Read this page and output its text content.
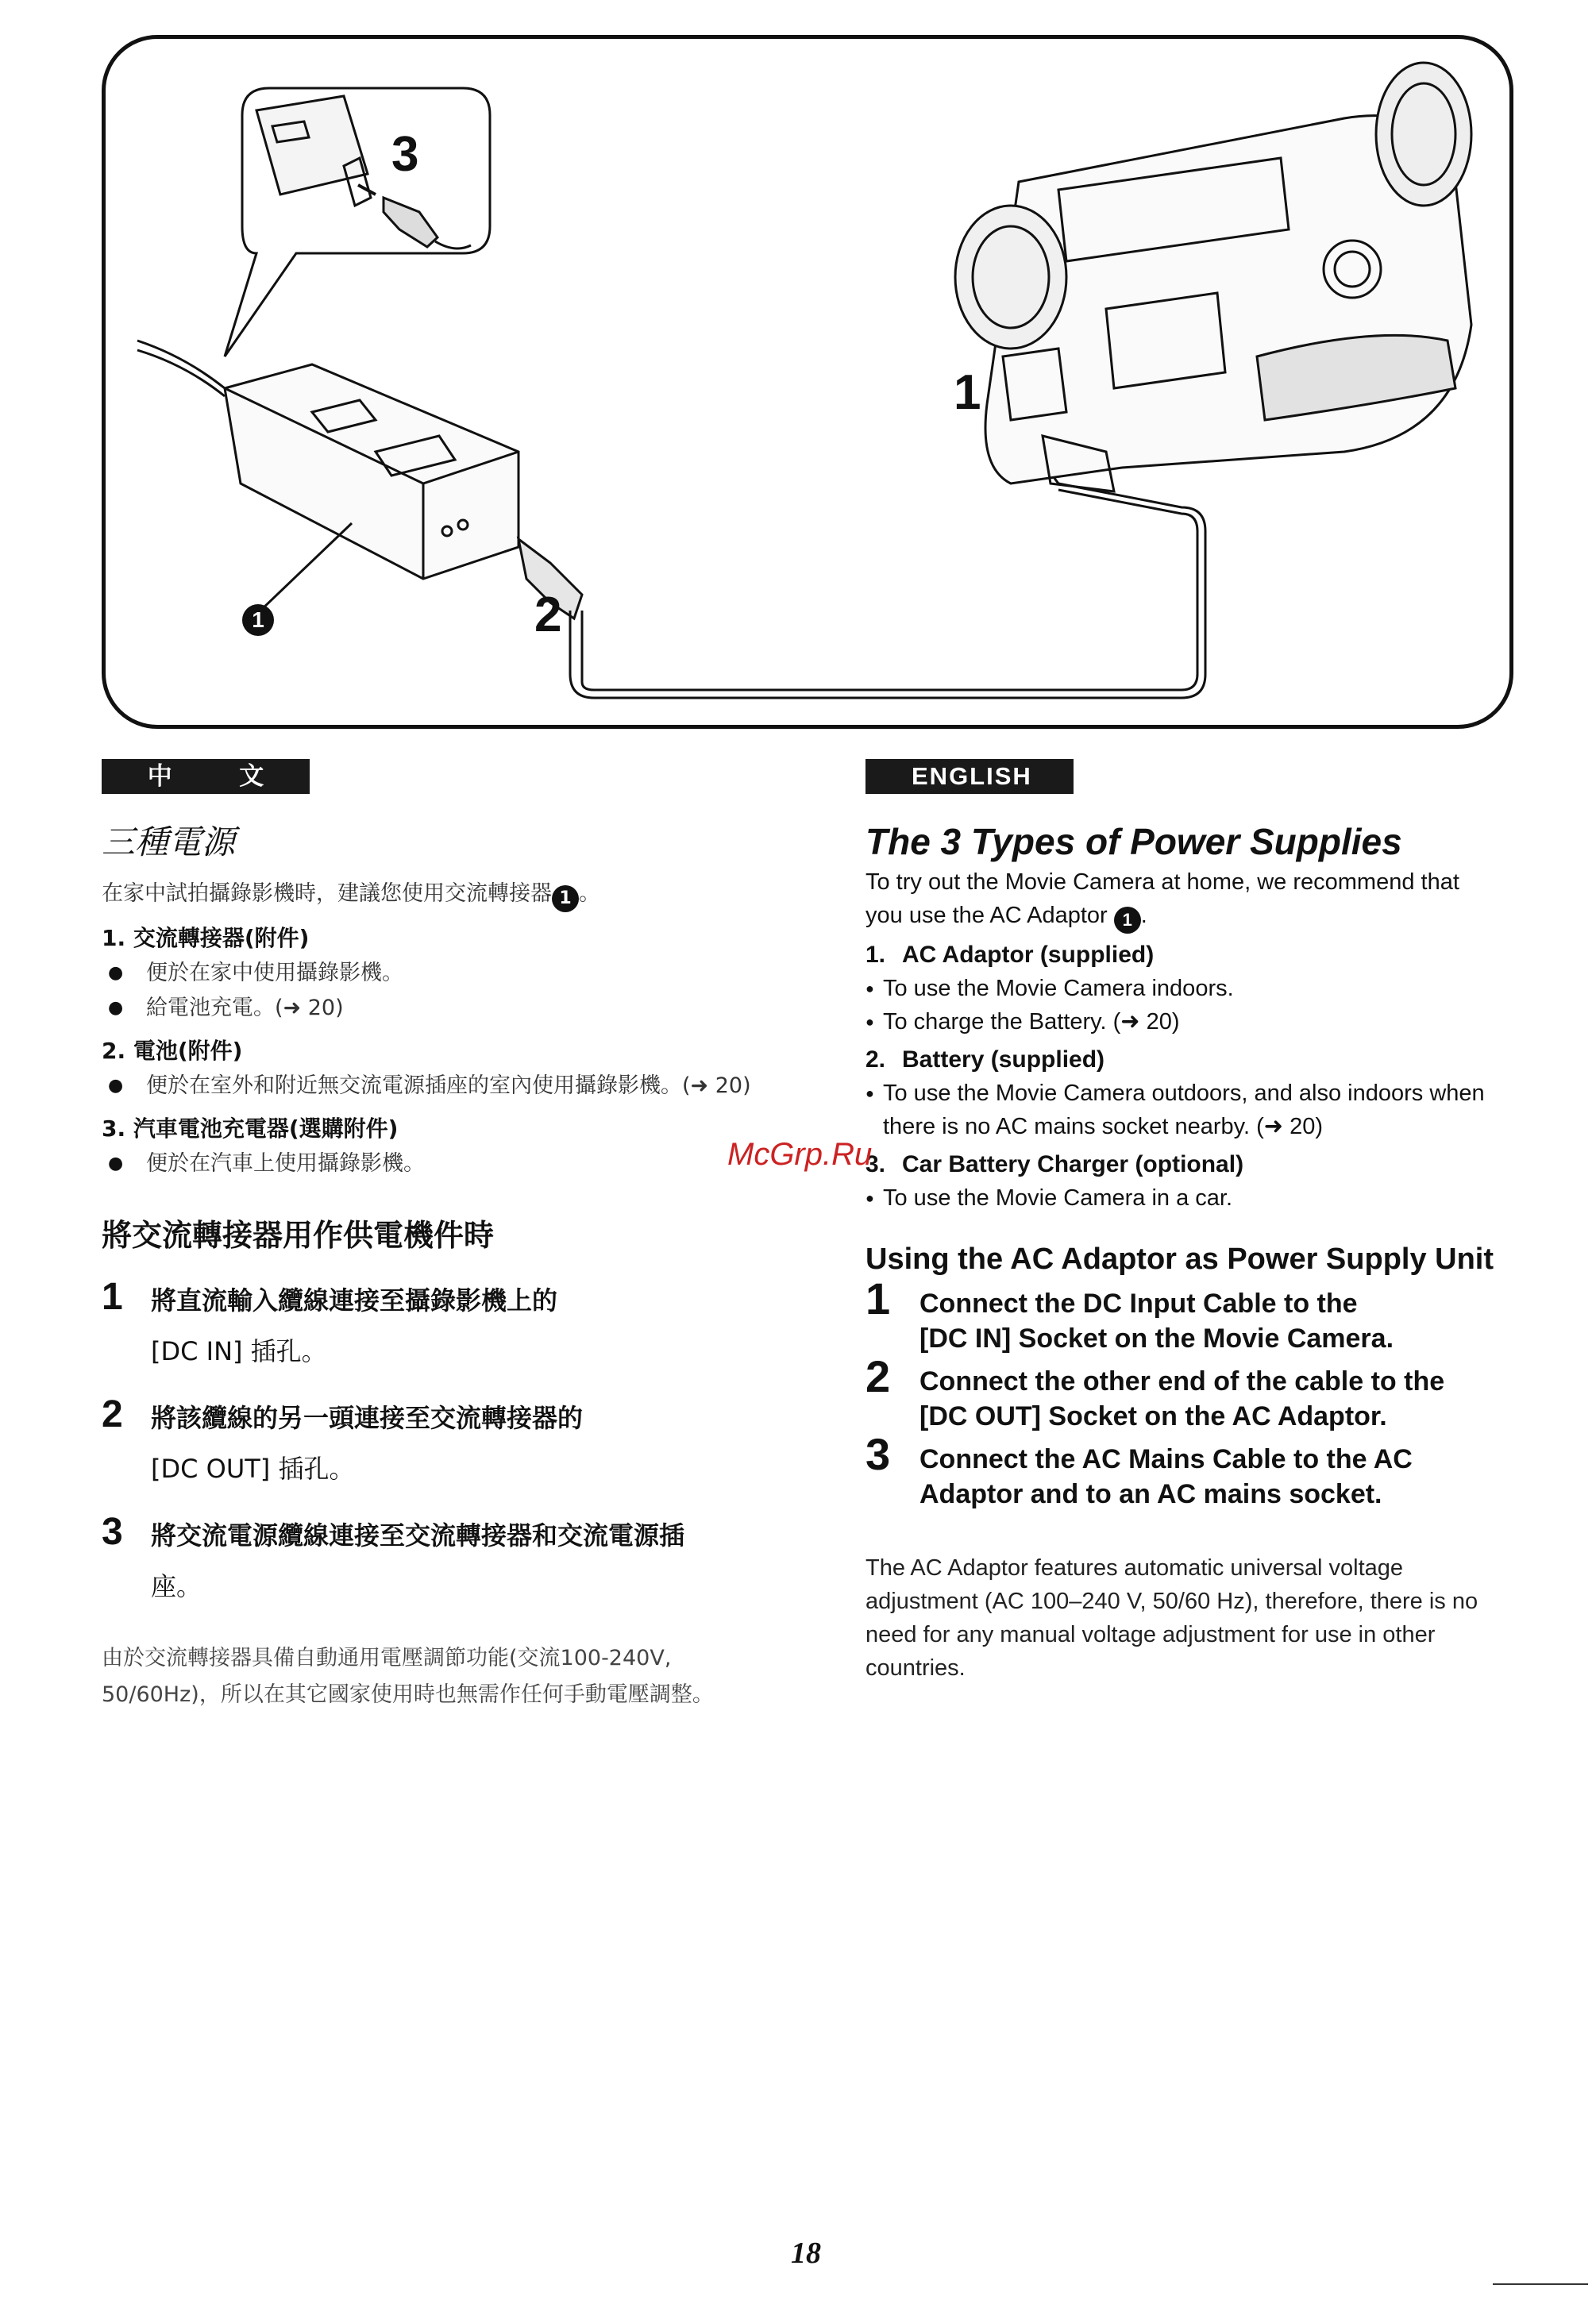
3
2
1
1
中 文	ENGLISH
三種電源

在家中試拍攝錄影機時，建議您使用交流轉接器 1 。

1. 交流轉接器(附件)
● 便於在家中使用攝錄影機。
● 給電池充電。(➜ 20)
2. 電池(附件)
● 便於在室外和附近無交流電源插座的室內使用攝錄影機。(➜ 20)
3. 汽車電池充電器(選購附件)
● 便於在汽車上使用攝錄影機。
將交流轉接器用作供電機件時
1 將直流輸入纜線連接至攝錄影機上的
[DC IN] 插孔。
2 將該纜線的另一頭連接至交流轉接器的
[DC OUT] 插孔。
3 將交流電源纜線連接至交流轉接器和交流電源插
座。
由於交流轉接器具備自動通用電壓調節功能(交流100-240V, 50/60Hz)，所以在其它國家使用時也無需作任何手動電壓調整。
The 3 Types of Power Supplies

To try out the Movie Camera at home, we recommend that you use the AC Adaptor 1 .

1. AC Adaptor (supplied)
● To use the Movie Camera indoors.
● To charge the Battery. (➜ 20)
2. Battery (supplied)
● To use the Movie Camera outdoors, and also indoors when there is no AC mains socket nearby. (➜ 20)
3. Car Battery Charger (optional)
● To use the Movie Camera in a car.
Using the AC Adaptor as Power Supply Unit
1 Connect the DC Input Cable to the
[DC IN] Socket on the Movie Camera.
2 Connect the other end of the cable to the
[DC OUT] Socket on the AC Adaptor.
3 Connect the AC Mains Cable to the AC
Adaptor and to an AC mains socket.
The AC Adaptor features automatic universal voltage adjustment (AC 100–240 V, 50/60 Hz), therefore, there is no need for any manual voltage adjustment for use in other countries.
McGrp.Ru
18
